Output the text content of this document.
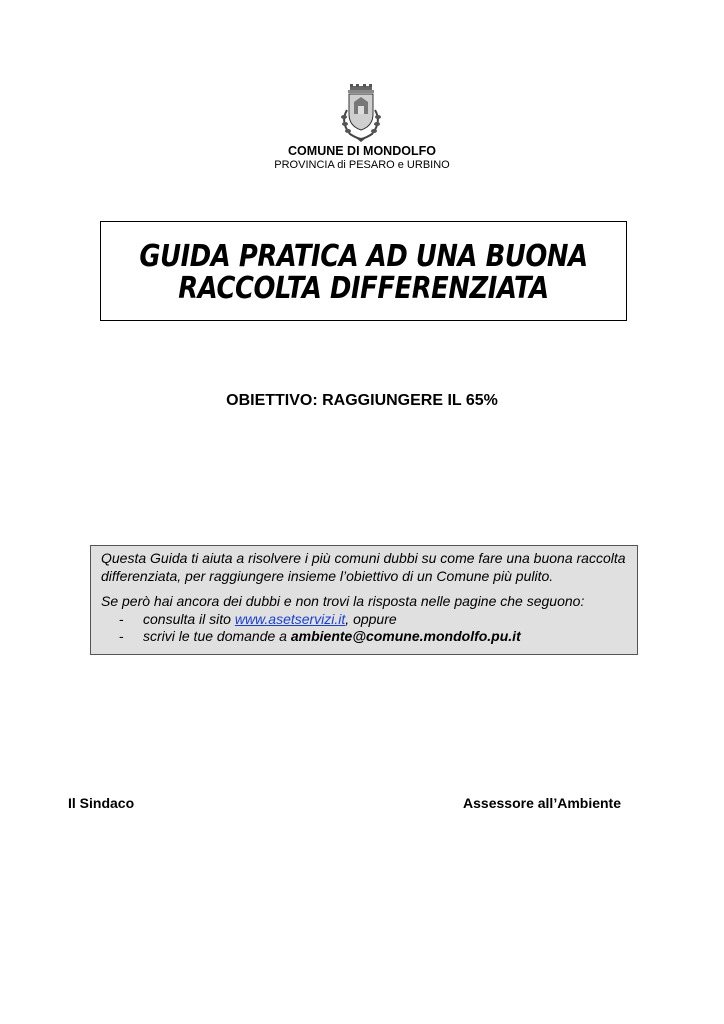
COMUNE DI MONDOLFO
PROVINCIA di PESARO e URBINO
GUIDA PRATICA AD UNA BUONA
RACCOLTA DIFFERENZIATA
OBIETTIVO: RAGGIUNGERE IL 65%

Questa Guida ti aiuta a risolvere i più comuni dubbi su come fare una buona raccolta differenziata, per raggiungere insieme l’obiettivo di un Comune più pulito.

Se però hai ancora dei dubbi e non trovi la risposta nelle pagine che seguono:

- consulta il sito www.asetservizi.it, oppure
- scrivi le tue domande a ambiente@comune.mondolfo.pu.it
Il Sindaco	Assessore all’Ambiente
